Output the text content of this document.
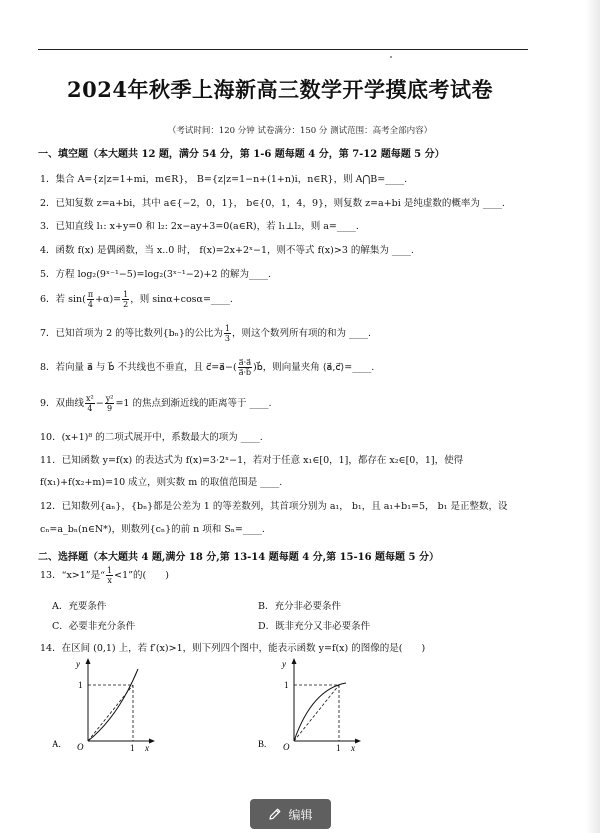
2024年秋季上海新高三数学开学摸底考试卷
（考试时间：120 分钟 试卷满分：150 分 测试范围：高考全部内容）
一、填空题（本大题共 12 题，满分 54 分，第 1-6 题每题 4 分，第 7-12 题每题 5 分）
1．集合 A={z|z=1+mi，m∈R}， B={z|z=1−n+(1+n)i，n∈R}，则 A⋂B=____.
2．已知复数 z=a+bi，其中 a∈{−2，0，1}， b∈{0，1，4，9}，则复数 z=a+bi 是纯虚数的概率为 ____.
3．已知直线 l₁: x+y=0 和 l₂: 2x−ay+3=0(a∈R)，若 l₁⊥l₂，则 a=____.
4．函数 f(x) 是偶函数，当 x..0 时， f(x)=2x+2ˣ−1，则不等式 f(x)>3 的解集为 ____.
5．方程 log₂(9ˣ⁻¹−5)=log₂(3ˣ⁻¹−2)+2 的解为____.
6．若 $\sin( \frac{\pi}{4} +\alpha)= \frac{1}{2}$ ，则 sinα+cosα=____.
7．已知首项为 2 的等比数列{bₙ}的公比为 $\frac{1}{3}$ ，则这个数列所有项的和为 ____.
8．若向量 a⃗ 与 b⃗ 不共线也不垂直，且 c⃗=a⃗−( $\frac{a⃗\cdot a⃗}{a⃗\cdot b⃗}$ )b⃗，则向量夹角 ⟨a⃗,c⃗⟩=____.
9．双曲线 $\frac{\text{x²}}{4} - \frac{\text{y²}}{9} =1$ 的焦点到渐近线的距离等于 ____.
10．(x+1)⁸ 的二项式展开中，系数最大的项为 ____.
11．已知函数 y=f(x) 的表达式为 f(x)=3·2ˣ−1，若对于任意 x₁∈[0，1]，都存在 x₂∈[0，1]，使得
f(x₁)+f(x₂+m)=10 成立，则实数 m 的取值范围是 ____.
12．已知数列{aₙ}，{bₙ}都是公差为 1 的等差数列，其首项分别为 a₁， b₁，且 a₁+b₁=5， b₁ 是正整数，设
cₙ=a_bₙ(n∈N*)，则数列{cₙ}的前 n 项和 Sₙ=____.
二、选择题（本大题共 4 题,满分 18 分,第 13-14 题每题 4 分,第 15-16 题每题 5 分）
13．“x>1”是“ $\frac{1}{x} <1$”的(　　)
A．充要条件	B．充分非必要条件
C．必要非充分条件	D．既非充分又非必要条件
14．在区间 (0,1) 上，若 f′(x)>1，则下列四个图中，能表示函数 y=f(x) 的图像的是(　　)
A.
y
x
1
1
O	B.
y
x
1
1
O
编辑
